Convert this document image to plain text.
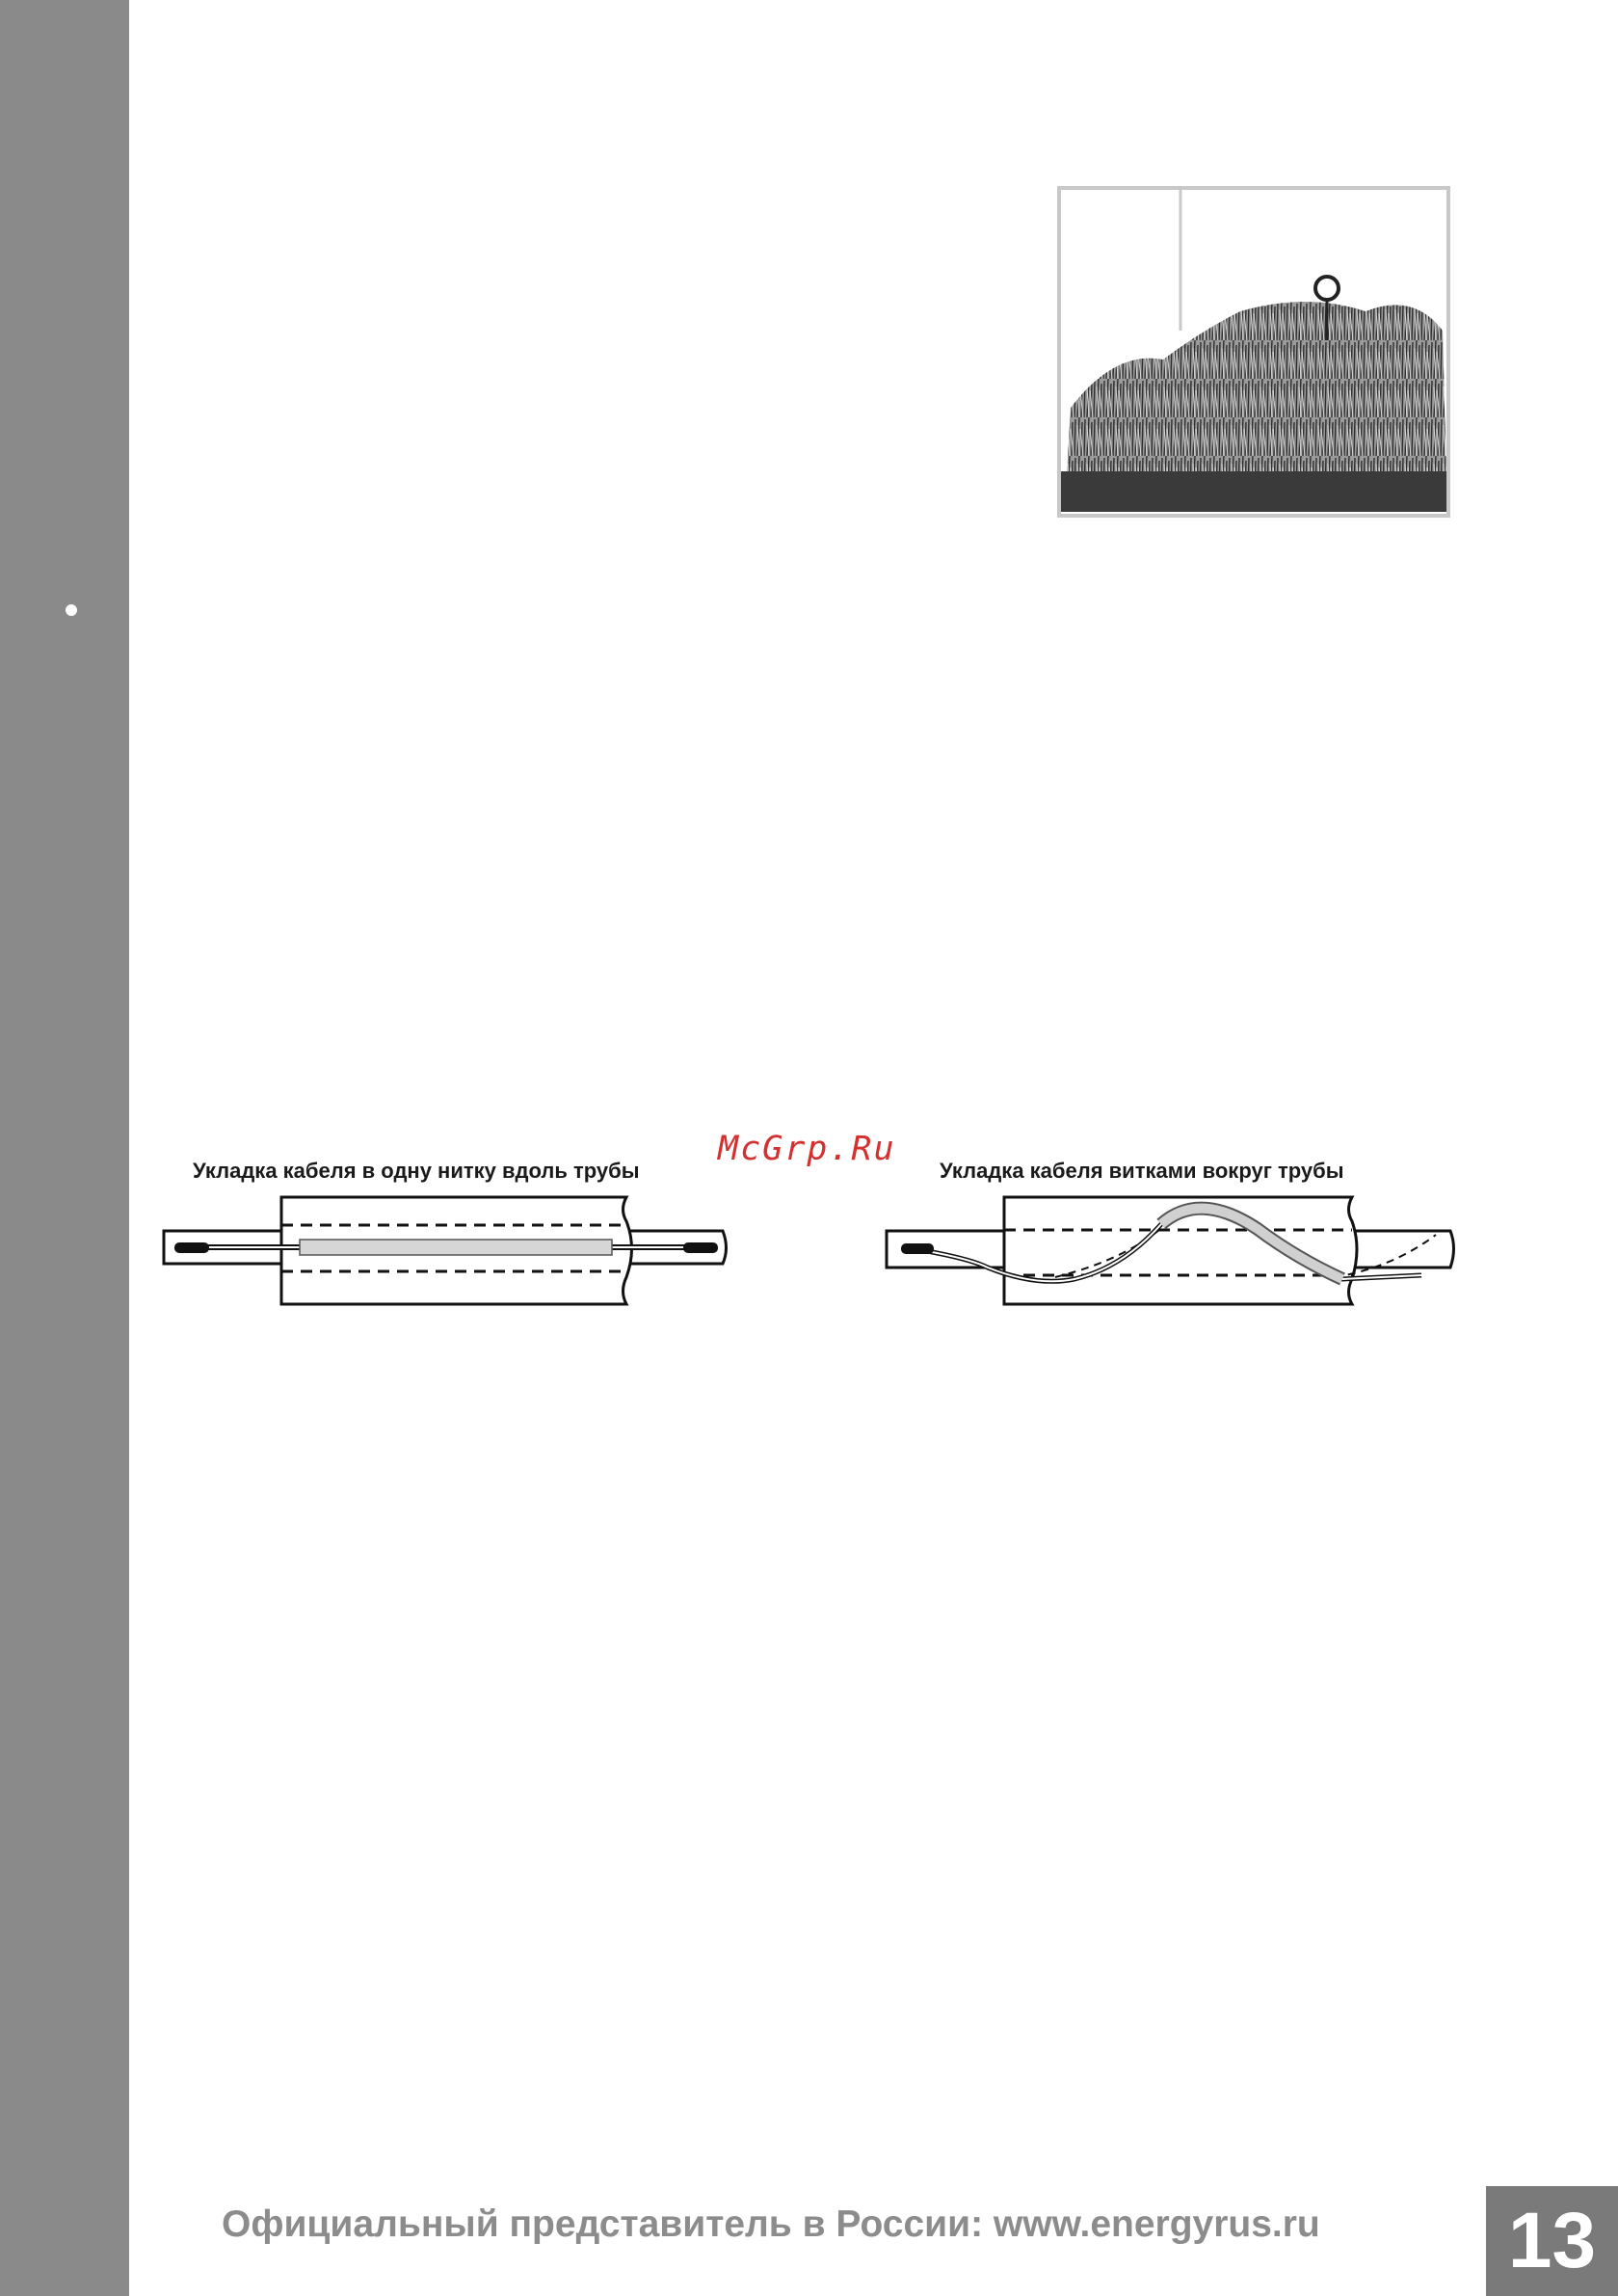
McGrp.Ru
Укладка кабеля в одну нитку вдоль трубы	Укладка кабеля витками вокруг трубы
Официальный представитель в России: www.energyrus.ru 13
